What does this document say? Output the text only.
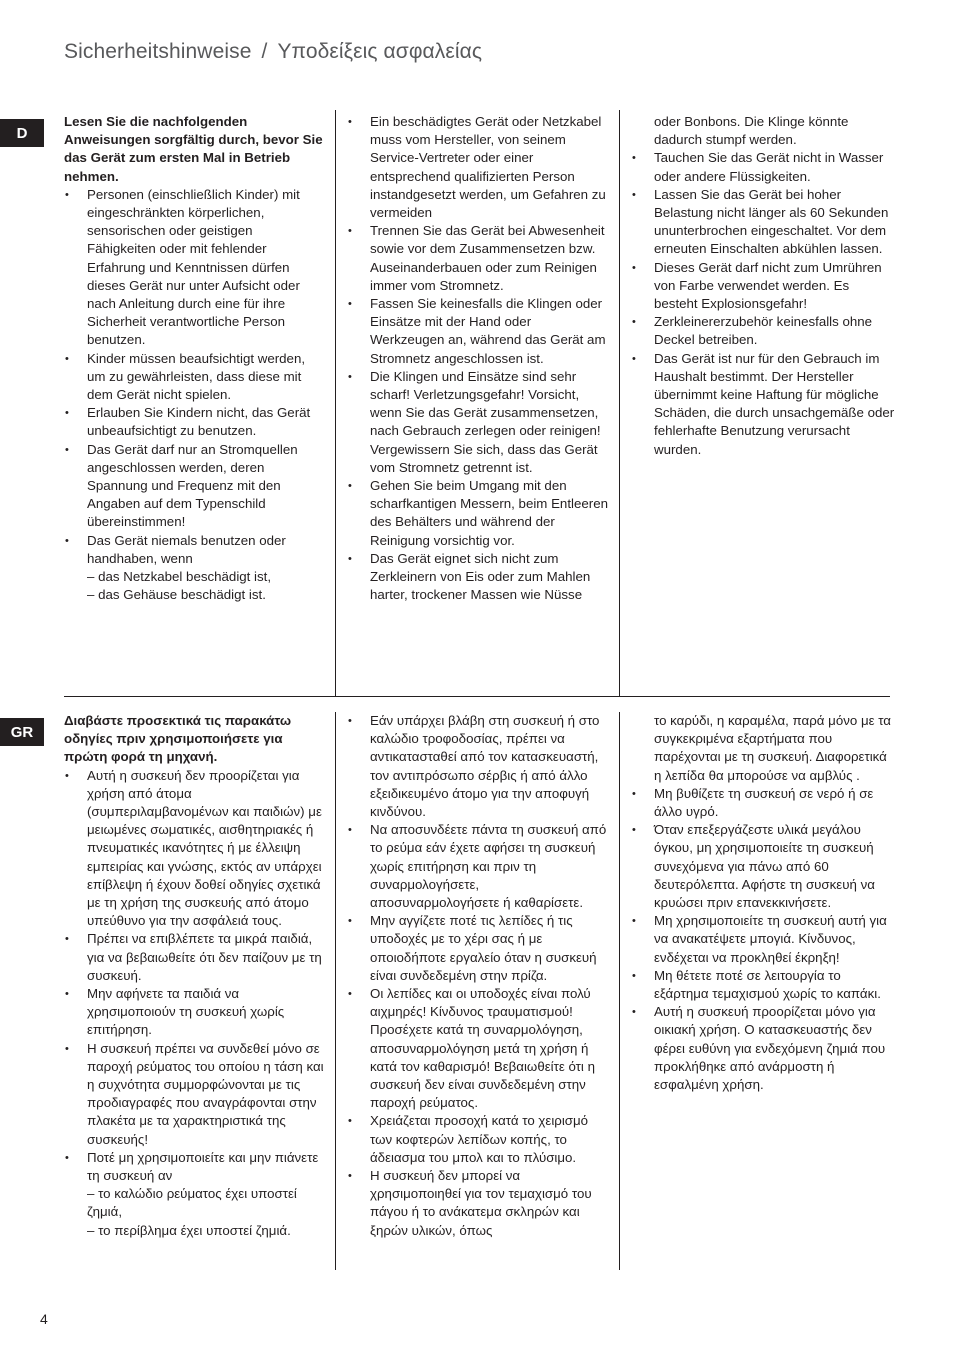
Sicherheitshinweise / Υποδείξεις ασφαλείας
D
Lesen Sie die nachfolgenden Anweisungen sorgfältig durch, bevor Sie das Gerät zum ersten Mal in Betrieb nehmen.
• Personen (einschließlich Kinder) mit eingeschränkten körperlichen, sensorischen oder geistigen Fähigkeiten oder mit fehlender Erfahrung und Kenntnissen dürfen dieses Gerät nur unter Aufsicht oder nach Anleitung durch eine für ihre Sicherheit verantwortliche Person benutzen.
• Kinder müssen beaufsichtigt werden, um zu gewährleisten, dass diese mit dem Gerät nicht spielen.
• Erlauben Sie Kindern nicht, das Gerät unbeaufsichtigt zu benutzen.
• Das Gerät darf nur an Stromquellen angeschlossen werden, deren Spannung und Frequenz mit den Angaben auf dem Typenschild übereinstimmen!
• Das Gerät niemals benutzen oder handhaben, wenn
– das Netzkabel beschädigt ist,
– das Gehäuse beschädigt ist.
• Ein beschädigtes Gerät oder Netzkabel muss vom Hersteller, von seinem Service-Vertreter oder einer entsprechend qualifizierten Person instandgesetzt werden, um Gefahren zu vermeiden
• Trennen Sie das Gerät bei Abwesenheit sowie vor dem Zusammensetzen bzw. Auseinanderbauen oder zum Reinigen immer vom Stromnetz.
• Fassen Sie keinesfalls die Klingen oder Einsätze mit der Hand oder Werkzeugen an, während das Gerät am Stromnetz angeschlossen ist.
• Die Klingen und Einsätze sind sehr scharf! Verletzungsgefahr! Vorsicht, wenn Sie das Gerät zusammensetzen, nach Gebrauch zerlegen oder reinigen! Vergewissern Sie sich, dass das Gerät vom Stromnetz getrennt ist.
• Gehen Sie beim Umgang mit den scharfkantigen Messern, beim Entleeren des Behälters und während der Reinigung vorsichtig vor.
• Das Gerät eignet sich nicht zum Zerkleinern von Eis oder zum Mahlen harter, trockener Massen wie Nüsse
oder Bonbons. Die Klinge könnte dadurch stumpf werden.
• Tauchen Sie das Gerät nicht in Wasser oder andere Flüssigkeiten.
• Lassen Sie das Gerät bei hoher Belastung nicht länger als 60 Sekunden ununterbrochen eingeschaltet. Vor dem erneuten Einschalten abkühlen lassen.
• Dieses Gerät darf nicht zum Umrühren von Farbe verwendet werden. Es besteht Explosionsgefahr!
• Zerkleinererzubehör keinesfalls ohne Deckel betreiben.
• Das Gerät ist nur für den Gebrauch im Haushalt bestimmt. Der Hersteller übernimmt keine Haftung für mögliche Schäden, die durch unsachgemäße oder fehlerhafte Benutzung verursacht wurden.
GR
Διαβάστε προσεκτικά τις παρακάτω οδηγίες πριν χρησιμοποιήσετε για πρώτη φορά τη μηχανή.
• Αυτή η συσκευή δεν προορίζεται για χρήση από άτομα (συμπεριλαμβανομένων και παιδιών) με μειωμένες σωματικές, αισθητηριακές ή πνευματικές ικανότητες ή με έλλειψη εμπειρίας και γνώσης, εκτός αν υπάρχει επίβλεψη ή έχουν δοθεί οδηγίες σχετικά με τη χρήση της συσκευής από άτομο υπεύθυνο για την ασφάλειά τους.
• Πρέπει να επιβλέπετε τα μικρά παιδιά, για να βεβαιωθείτε ότι δεν παίζουν με τη συσκευή.
• Μην αφήνετε τα παιδιά να χρησιμοποιούν τη συσκευή χωρίς επιτήρηση.
• Η συσκευή πρέπει να συνδεθεί μόνο σε παροχή ρεύματος του οποίου η τάση και η συχνότητα συμμορφώνονται με τις προδιαγραφές που αναγράφονται στην πλακέτα με τα χαρακτηριστικά της συσκευής!
• Ποτέ μη χρησιμοποιείτε και μην πιάνετε τη συσκευή αν
– το καλώδιο ρεύματος έχει υποστεί ζημιά,
– το περίβλημα έχει υποστεί ζημιά.
• Εάν υπάρχει βλάβη στη συσκευή ή στο καλώδιο τροφοδοσίας, πρέπει να αντικατασταθεί από τον κατασκευαστή, τον αντιπρόσωπο σέρβις ή από άλλο εξειδικευμένο άτομο για την αποφυγή κινδύνου.
• Να αποσυνδέετε πάντα τη συσκευή από το ρεύμα εάν έχετε αφήσει τη συσκευή χωρίς επιτήρηση και πριν τη συναρμολογήσετε, αποσυναρμολογήσετε ή καθαρίσετε.
• Μην αγγίζετε ποτέ τις λεπίδες ή τις υποδοχές με το χέρι σας ή με οποιοδήποτε εργαλείο όταν η συσκευή είναι συνδεδεμένη στην πρίζα.
• Οι λεπίδες και οι υποδοχές είναι πολύ αιχμηρές! Κίνδυνος τραυματισμού! Προσέχετε κατά τη συναρμολόγηση, αποσυναρμολόγηση μετά τη χρήση ή κατά τον καθαρισμό! Βεβαιωθείτε ότι η συσκευή δεν είναι συνδεδεμένη στην παροχή ρεύματος.
• Χρειάζεται προσοχή κατά το χειρισμό των κοφτερών λεπίδων κοπής, το άδειασμα του μπολ και το πλύσιμο.
• Η συσκευή δεν μπορεί να χρησιμοποιηθεί για τον τεμαχισμό του πάγου ή το ανάκατεμα σκληρών και ξηρών υλικών, όπως
το καρύδι, η καραμέλα, παρά μόνο με τα συγκεκριμένα εξαρτήματα που παρέχονται με τη συσκευή. Διαφορετικά η λεπίδα θα μπορούσε να αμβλύς .
• Μη βυθίζετε τη συσκευή σε νερό ή σε άλλο υγρό.
• Όταν επεξεργάζεστε υλικά μεγάλου όγκου, μη χρησιμοποιείτε τη συσκευή συνεχόμενα για πάνω από 60 δευτερόλεπτα. Αφήστε τη συσκευή να κρυώσει πριν επανεκκινήσετε.
• Μη χρησιμοποιείτε τη συσκευή αυτή για να ανακατέψετε μπογιά. Κίνδυνος, ενδέχεται να προκληθεί έκρηξη!
• Μη θέτετε ποτέ σε λειτουργία το εξάρτημα τεμαχισμού χωρίς το καπάκι.
• Αυτή η συσκευή προορίζεται μόνο για οικιακή χρήση. Ο κατασκευαστής δεν φέρει ευθύνη για ενδεχόμενη ζημιά που προκλήθηκε από ανάρμοστη ή εσφαλμένη χρήση.
4
